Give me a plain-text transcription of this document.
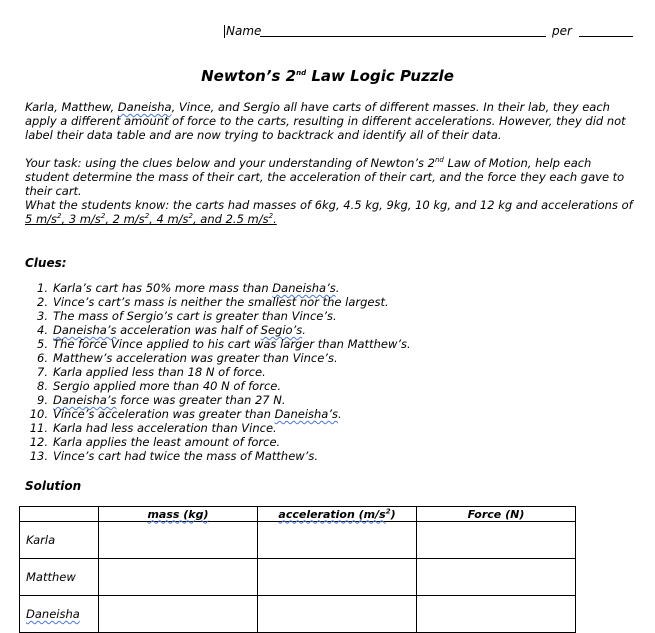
Name	per
Newton’s 2nd Law Logic Puzzle
Karla, Matthew, Daneisha, Vince, and Sergio all have carts of different masses. In their lab, they each apply a different amount of force to the carts, resulting in different accelerations. However, they did not label their data table and are now trying to backtrack and identify all of their data.
Your task: using the clues below and your understanding of Newton’s 2nd Law of Motion, help each student determine the mass of their cart, the acceleration of their cart, and the force they each gave to their cart.
What the students know: the carts had masses of 6kg, 4.5 kg, 9kg, 10 kg, and 12 kg and accelerations of 5 $m/s^2$, 3 $m/s^2$, 2 $m/s^2$, 4 $m/s^2$, and 2.5 $m/s^2$.
Clues:
1. Karla’s cart has 50% more mass than Daneisha’s.
2. Vince’s cart’s mass is neither the smallest nor the largest.
3. The mass of Sergio’s cart is greater than Vince’s.
4. Daneisha’s acceleration was half of Segio’s.
5. The force Vince applied to his cart was larger than Matthew’s.
6. Matthew’s acceleration was greater than Vince’s.
7. Karla applied less than 18 N of force.
8. Sergio applied more than 40 N of force.
9. Daneisha’s force was greater than 27 N.
10. Vince’s acceleration was greater than Daneisha’s.
11. Karla had less acceleration than Vince.
12. Karla applies the least amount of force.
13. Vince’s cart had twice the mass of Matthew’s.
Solution
	mass (kg)	acceleration $(m/s^2)$	Force (N)
Karla			
Matthew			
Daneisha			
